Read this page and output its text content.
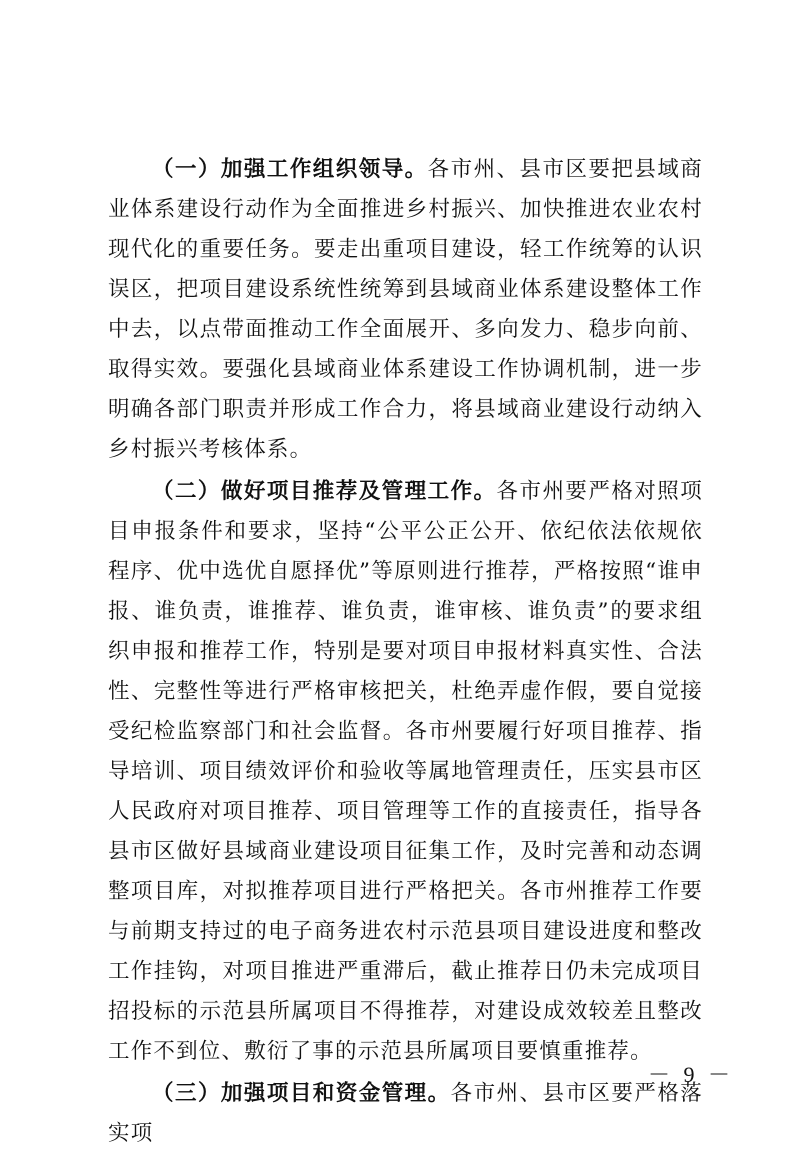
（一）加强工作组织领导。各市州、县市区要把县域商业体系建设行动作为全面推进乡村振兴、加快推进农业农村现代化的重要任务。要走出重项目建设，轻工作统筹的认识误区，把项目建设系统性统筹到县域商业体系建设整体工作中去，以点带面推动工作全面展开、多向发力、稳步向前、取得实效。要强化县域商业体系建设工作协调机制，进一步明确各部门职责并形成工作合力，将县域商业建设行动纳入乡村振兴考核体系。

（二）做好项目推荐及管理工作。各市州要严格对照项目申报条件和要求，坚持“公平公正公开、依纪依法依规依程序、优中选优自愿择优”等原则进行推荐，严格按照“谁申报、谁负责，谁推荐、谁负责，谁审核、谁负责”的要求组织申报和推荐工作，特别是要对项目申报材料真实性、合法性、完整性等进行严格审核把关，杜绝弄虚作假，要自觉接受纪检监察部门和社会监督。各市州要履行好项目推荐、指导培训、项目绩效评价和验收等属地管理责任，压实县市区人民政府对项目推荐、项目管理等工作的直接责任，指导各县市区做好县域商业建设项目征集工作，及时完善和动态调整项目库，对拟推荐项目进行严格把关。各市州推荐工作要与前期支持过的电子商务进农村示范县项目建设进度和整改工作挂钩，对项目推进严重滞后，截止推荐日仍未完成项目招投标的示范县所属项目不得推荐，对建设成效较差且整改工作不到位、敷衍了事的示范县所属项目要慎重推荐。

（三）加强项目和资金管理。各市州、县市区要严格落实项

－ 9 －
